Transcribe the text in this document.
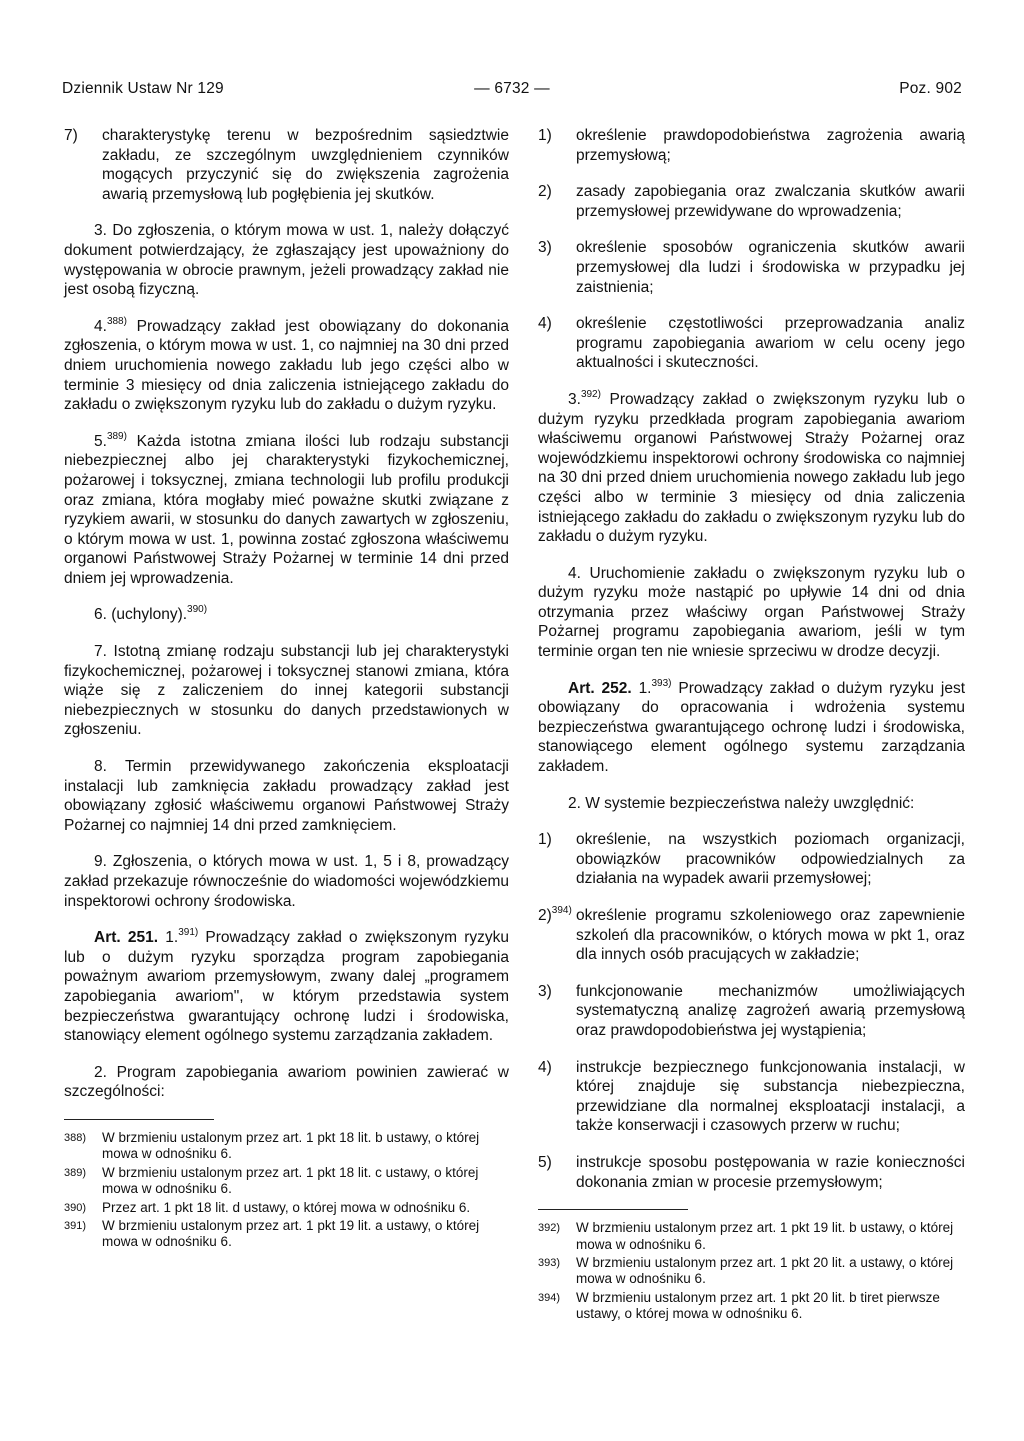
Dziennik Ustaw Nr 129	— 6732 —	Poz. 902
7) charakterystykę terenu w bezpośrednim sąsiedztwie zakładu, ze szczególnym uwzględnieniem czynników mogących przyczynić się do zwiększenia zagrożenia awarią przemysłową lub pogłębienia jej skutków.

3. Do zgłoszenia, o którym mowa w ust. 1, należy dołączyć dokument potwierdzający, że zgłaszający jest upoważniony do występowania w obrocie prawnym, jeżeli prowadzący zakład nie jest osobą fizyczną.

4.$^{388)}$ Prowadzący zakład jest obowiązany do dokonania zgłoszenia, o którym mowa w ust. 1, co najmniej na 30 dni przed dniem uruchomienia nowego zakładu lub jego części albo w terminie 3 miesięcy od dnia zaliczenia istniejącego zakładu do zakładu o zwiększonym ryzyku lub do zakładu o dużym ryzyku.

5.$^{389)}$ Każda istotna zmiana ilości lub rodzaju substancji niebezpiecznej albo jej charakterystyki fizykochemicznej, pożarowej i toksycznej, zmiana technologii lub profilu produkcji oraz zmiana, która mogłaby mieć poważne skutki związane z ryzykiem awarii, w stosunku do danych zawartych w zgłoszeniu, o którym mowa w ust. 1, powinna zostać zgłoszona właściwemu organowi Państwowej Straży Pożarnej w terminie 14 dni przed dniem jej wprowadzenia.

6. (uchylony).$^{390)}$

7. Istotną zmianę rodzaju substancji lub jej charakterystyki fizykochemicznej, pożarowej i toksycznej stanowi zmiana, która wiąże się z zaliczeniem do innej kategorii substancji niebezpiecznych w stosunku do danych przedstawionych w zgłoszeniu.

8. Termin przewidywanego zakończenia eksploatacji instalacji lub zamknięcia zakładu prowadzący zakład jest obowiązany zgłosić właściwemu organowi Państwowej Straży Pożarnej co najmniej 14 dni przed zamknięciem.

9. Zgłoszenia, o których mowa w ust. 1, 5 i 8, prowadzący zakład przekazuje równocześnie do wiadomości wojewódzkiemu inspektorowi ochrony środowiska.

Art. 251. 1.$^{391)}$ Prowadzący zakład o zwiększonym ryzyku lub o dużym ryzyku sporządza program zapobiegania poważnym awariom przemysłowym, zwany dalej „programem zapobiegania awariom", w którym przedstawia system bezpieczeństwa gwarantujący ochronę ludzi i środowiska, stanowiący element ogólnego systemu zarządzania zakładem.

2. Program zapobiegania awariom powinien zawierać w szczególności:

388) W brzmieniu ustalonym przez art. 1 pkt 18 lit. b ustawy, o której mowa w odnośniku 6.
389) W brzmieniu ustalonym przez art. 1 pkt 18 lit. c ustawy, o której mowa w odnośniku 6.
390) Przez art. 1 pkt 18 lit. d ustawy, o której mowa w odnośniku 6.
391) W brzmieniu ustalonym przez art. 1 pkt 19 lit. a ustawy, o której mowa w odnośniku 6.
1) określenie prawdopodobieństwa zagrożenia awarią przemysłową;
2) zasady zapobiegania oraz zwalczania skutków awarii przemysłowej przewidywane do wprowadzenia;
3) określenie sposobów ograniczenia skutków awarii przemysłowej dla ludzi i środowiska w przypadku jej zaistnienia;
4) określenie częstotliwości przeprowadzania analiz programu zapobiegania awariom w celu oceny jego aktualności i skuteczności.

3.$^{392)}$ Prowadzący zakład o zwiększonym ryzyku lub o dużym ryzyku przedkłada program zapobiegania awariom właściwemu organowi Państwowej Straży Pożarnej oraz wojewódzkiemu inspektorowi ochrony środowiska co najmniej na 30 dni przed dniem uruchomienia nowego zakładu lub jego części albo w terminie 3 miesięcy od dnia zaliczenia istniejącego zakładu do zakładu o zwiększonym ryzyku lub do zakładu o dużym ryzyku.

4. Uruchomienie zakładu o zwiększonym ryzyku lub o dużym ryzyku może nastąpić po upływie 14 dni od dnia otrzymania przez właściwy organ Państwowej Straży Pożarnej programu zapobiegania awariom, jeśli w tym terminie organ ten nie wniesie sprzeciwu w drodze decyzji.

Art. 252. 1.$^{393)}$ Prowadzący zakład o dużym ryzyku jest obowiązany do opracowania i wdrożenia systemu bezpieczeństwa gwarantującego ochronę ludzi i środowiska, stanowiącego element ogólnego systemu zarządzania zakładem.

2. W systemie bezpieczeństwa należy uwzględnić:

1) określenie, na wszystkich poziomach organizacji, obowiązków pracowników odpowiedzialnych za działania na wypadek awarii przemysłowej;
2)$^{394)}$ określenie programu szkoleniowego oraz zapewnienie szkoleń dla pracowników, o których mowa w pkt 1, oraz dla innych osób pracujących w zakładzie;
3) funkcjonowanie mechanizmów umożliwiających systematyczną analizę zagrożeń awarią przemysłową oraz prawdopodobieństwa jej wystąpienia;
4) instrukcje bezpiecznego funkcjonowania instalacji, w której znajduje się substancja niebezpieczna, przewidziane dla normalnej eksploatacji instalacji, a także konserwacji i czasowych przerw w ruchu;
5) instrukcje sposobu postępowania w razie konieczności dokonania zmian w procesie przemysłowym;
392) W brzmieniu ustalonym przez art. 1 pkt 19 lit. b ustawy, o której mowa w odnośniku 6.
393) W brzmieniu ustalonym przez art. 1 pkt 20 lit. a ustawy, o której mowa w odnośniku 6.
394) W brzmieniu ustalonym przez art. 1 pkt 20 lit. b tiret pierwsze ustawy, o której mowa w odnośniku 6.
